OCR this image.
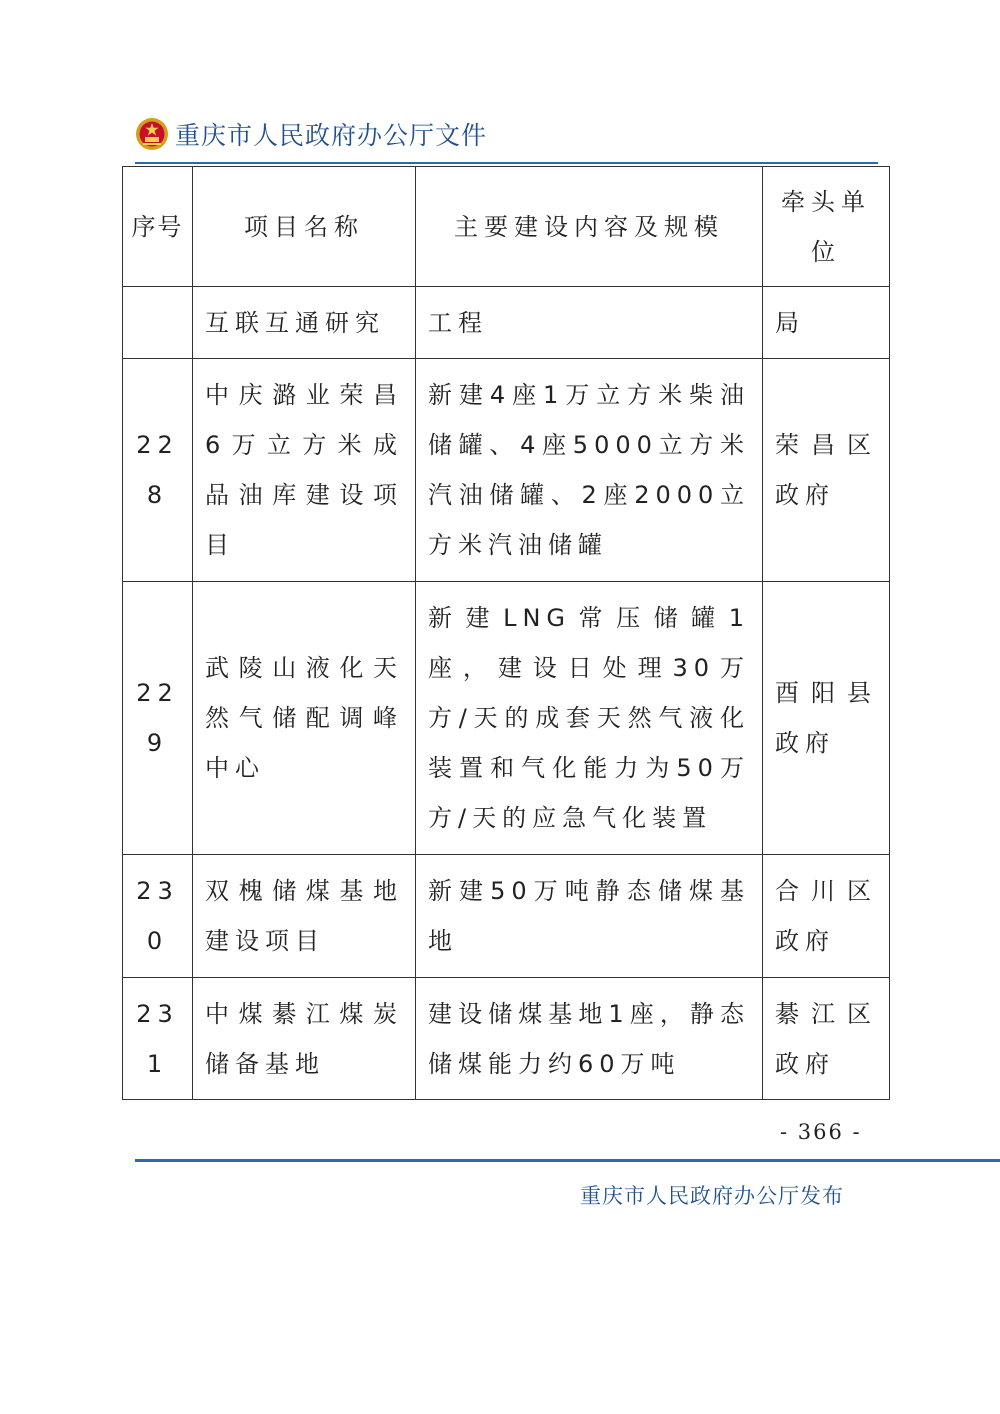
重庆市人民政府办公厅文件
序号	项目名称	主要建设内容及规模	牵头单位
	互联互通研究	工程	局
228	中庆潞业荣昌6万立方米成品油库建设项目	新建4座1万立方米柴油储罐、4座5000立方米汽油储罐、2座2000立方米汽油储罐	荣昌区政府
229	武陵山液化天然气储配调峰中心	新建LNG常压储罐1座，建设日处理30万方/天的成套天然气液化装置和气化能力为50万方/天的应急气化装置	酉阳县政府
230	双槐储煤基地建设项目	新建50万吨静态储煤基地	合川区政府
231	中煤綦江煤炭储备基地	建设储煤基地1座，静态储煤能力约60万吨	綦江区政府
- 366 -
重庆市人民政府办公厅发布
